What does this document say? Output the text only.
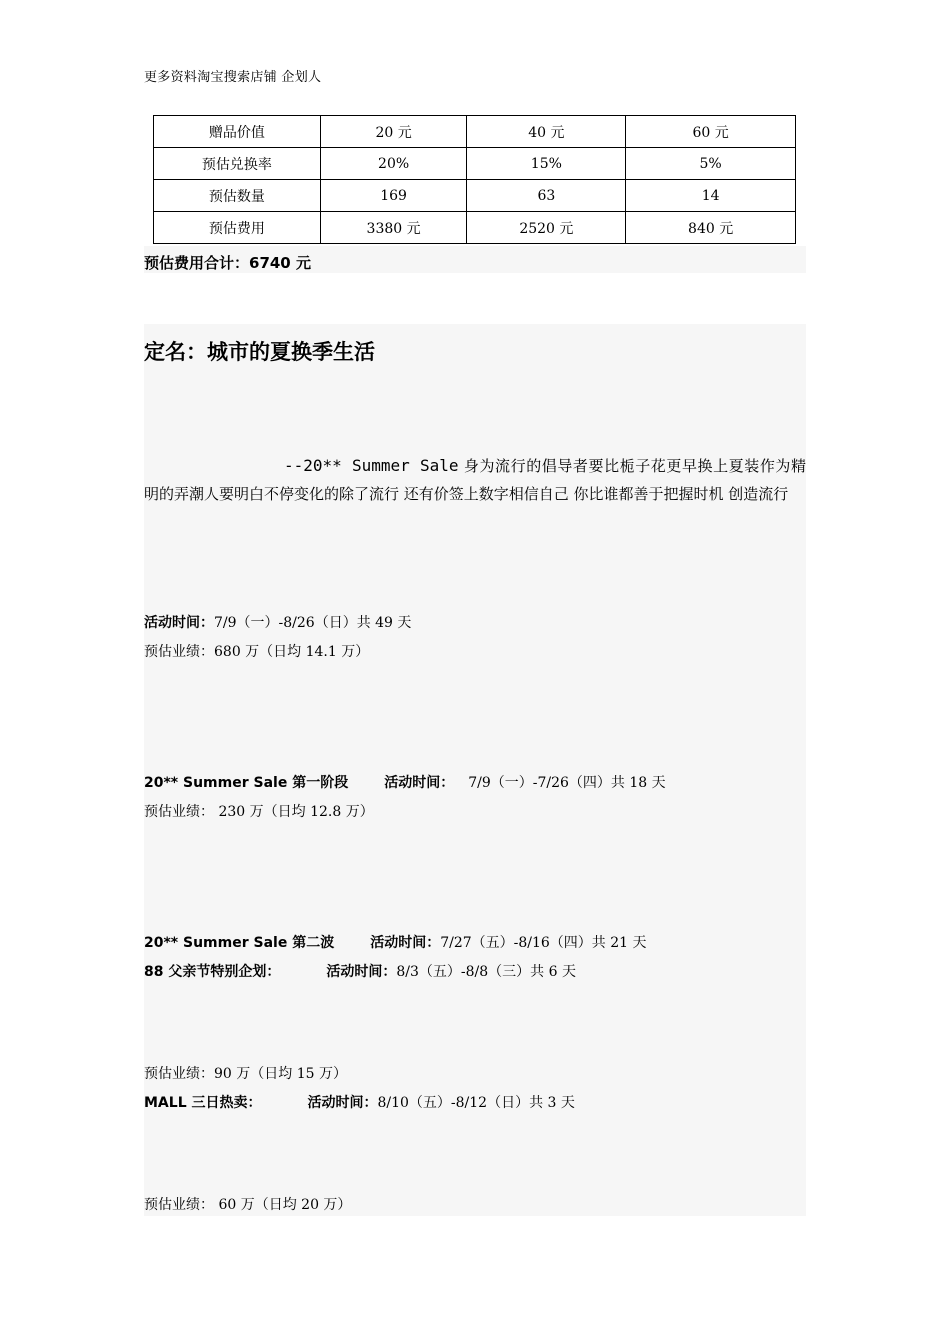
更多资料淘宝搜索店铺 企划人
赠品价值	20 元	40 元	60 元
预估兑换率	20%	15%	5%
预估数量	169	63	14
预估费用	3380 元	2520 元	840 元
预估费用合计：6740 元
定名：城市的夏换季生活
--20** Summer Sale 身为流行的倡导者要比栀子花更早换上夏装作为精明的弄潮人要明白不停变化的除了流行 还有价签上数字相信自己 你比谁都善于把握时机 创造流行
活动时间：7/9（一）-8/26（日）共 49 天
预估业绩：680 万（日均 14.1 万）
20** Summer Sale 第一阶段	活动时间： 7/9（一）-7/26（四）共 18 天
预估业绩： 230 万（日均 12.8 万）
20** Summer Sale 第二波	活动时间：7/27（五）-8/16（四）共 21 天
88 父亲节特别企划：	活动时间：8/3（五）-8/8（三）共 6 天
预估业绩：90 万（日均 15 万）
MALL 三日热卖：	活动时间：8/10（五）-8/12（日）共 3 天
预估业绩： 60 万（日均 20 万）
